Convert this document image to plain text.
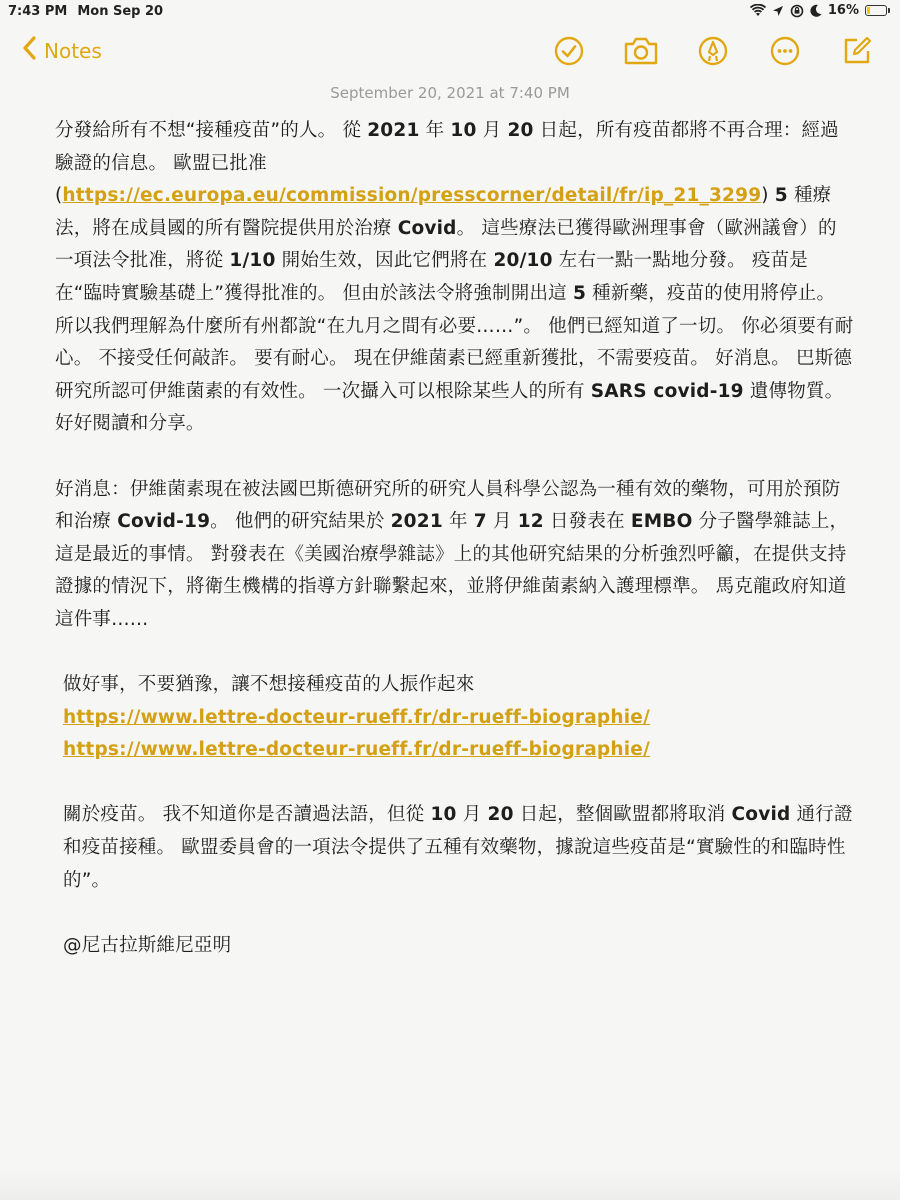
7:43 PM Mon Sep 20	16%
Notes
September 20, 2021 at 7:40 PM

分發給所有不想“接種疫苗”的人。 從 2021 年 10 月 20 日起，所有疫苗都將不再合理：經過驗證的信息。 歐盟已批准 (https://ec.europa.eu/commission/presscorner/detail/fr/ip_21_3299) 5 種療法，將在成員國的所有醫院提供用於治療 Covid。 這些療法已獲得歐洲理事會（歐洲議會）的一項法令批准，將從 1/10 開始生效，因此它們將在 20/10 左右一點一點地分發。 疫苗是在“臨時實驗基礎上”獲得批准的。 但由於該法令將強制開出這 5 種新藥，疫苗的使用將停止。 所以我們理解為什麼所有州都說“在九月之間有必要……”。 他們已經知道了一切。 你必須要有耐心。 不接受任何敲詐。 要有耐心。 現在伊維菌素已經重新獲批，不需要疫苗。 好消息。 巴斯德研究所認可伊維菌素的有效性。 一次攝入可以根除某些人的所有 SARS covid-19 遺傳物質。 好好閱讀和分享。

好消息：伊維菌素現在被法國巴斯德研究所的研究人員科學公認為一種有效的藥物，可用於預防和治療 Covid-19。 他們的研究結果於 2021 年 7 月 12 日發表在 EMBO 分子醫學雜誌上，這是最近的事情。 對發表在《美國治療學雜誌》上的其他研究結果的分析強烈呼籲，在提供支持證據的情況下，將衛生機構的指導方針聯繫起來，並將伊維菌素納入護理標準。 馬克龍政府知道這件事……

做好事，不要猶豫，讓不想接種疫苗的人振作起來
https://www.lettre-docteur-rueff.fr/dr-rueff-biographie/
https://www.lettre-docteur-rueff.fr/dr-rueff-biographie/

關於疫苗。 我不知道你是否讀過法語，但從 10 月 20 日起，整個歐盟都將取消 Covid 通行證和疫苗接種。 歐盟委員會的一項法令提供了五種有效藥物，據說這些疫苗是“實驗性的和臨時性的”。

@尼古拉斯維尼亞明
